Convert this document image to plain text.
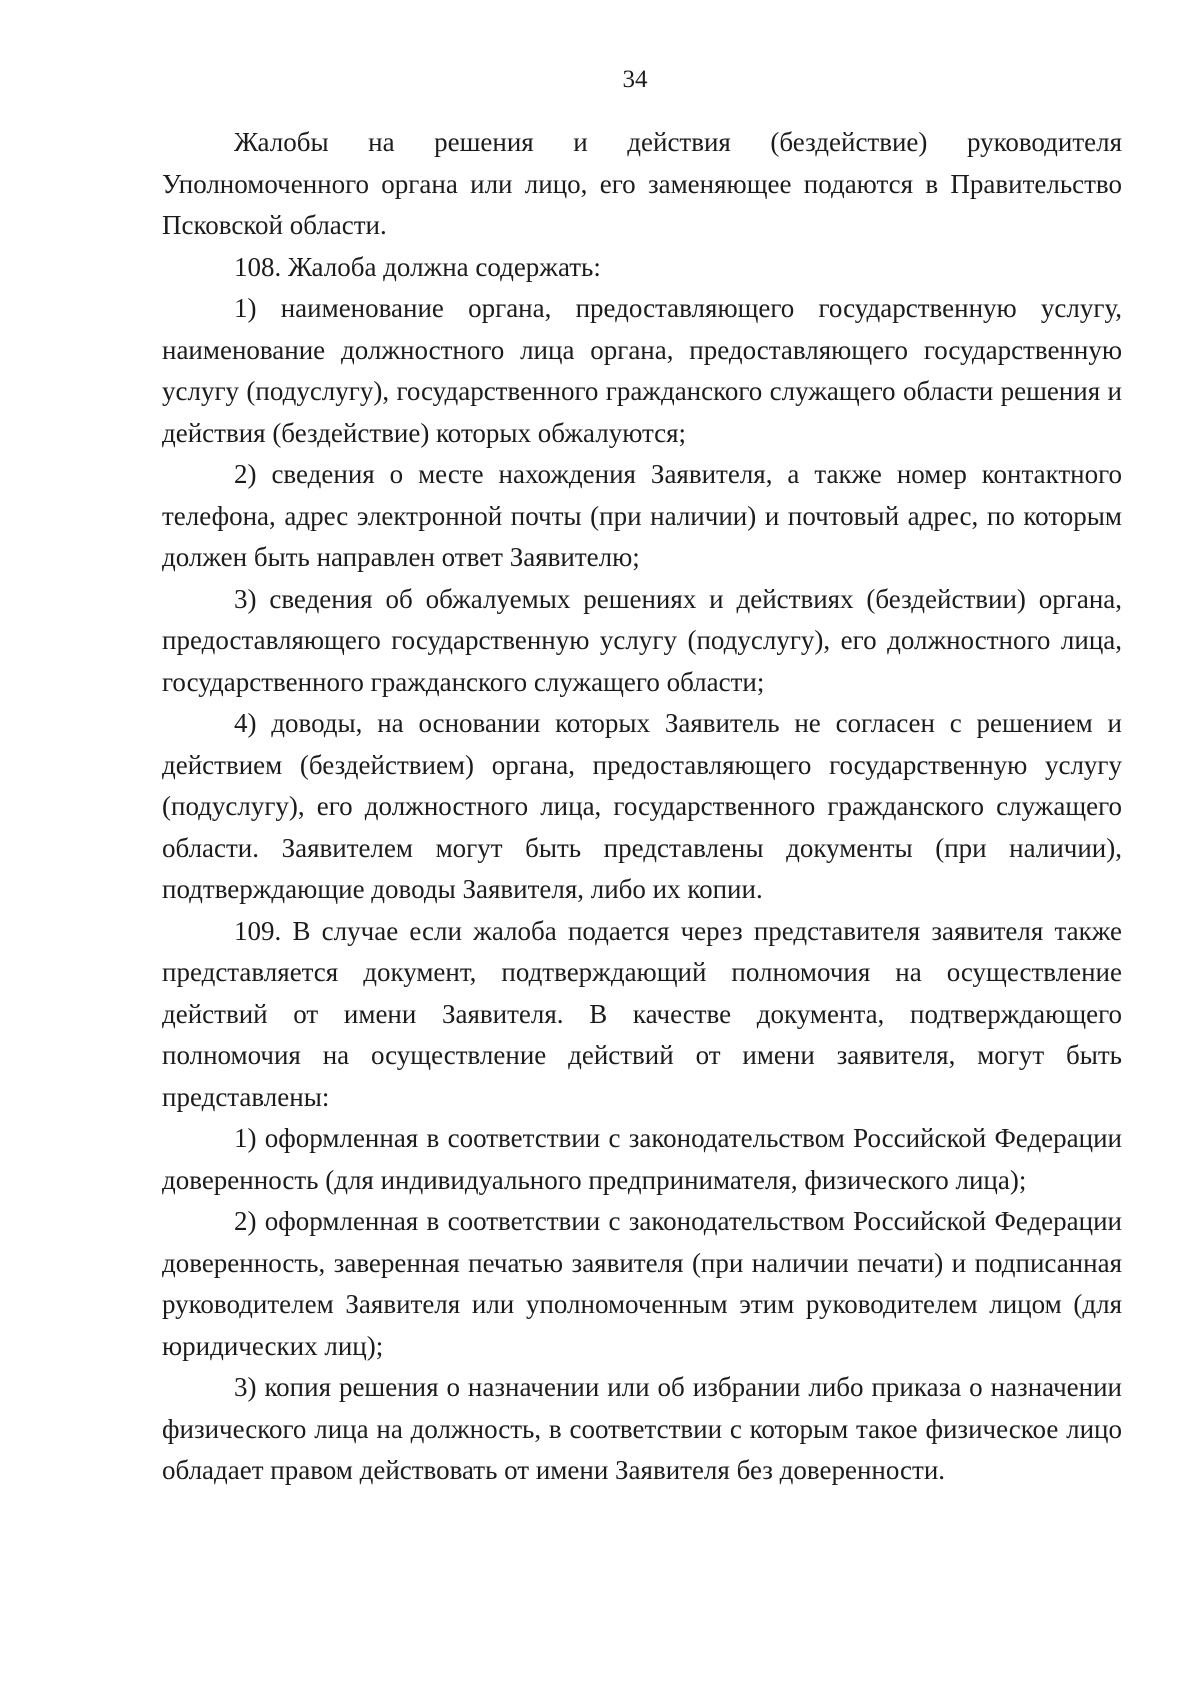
34

Жалобы на решения и действия (бездействие) руководителя Уполномоченного органа или лицо, его заменяющее подаются в Правительство Псковской области.

108. Жалоба должна содержать:

1) наименование органа, предоставляющего государственную услугу, наименование должностного лица органа, предоставляющего государственную услугу (подуслугу), государственного гражданского служащего области решения и действия (бездействие) которых обжалуются;

2) сведения о месте нахождения Заявителя, а также номер контактного телефона, адрес электронной почты (при наличии) и почтовый адрес, по которым должен быть направлен ответ Заявителю;

3) сведения об обжалуемых решениях и действиях (бездействии) органа, предоставляющего государственную услугу (подуслугу), его должностного лица, государственного гражданского служащего области;

4) доводы, на основании которых Заявитель не согласен с решением и действием (бездействием) органа, предоставляющего государственную услугу (подуслугу), его должностного лица, государственного гражданского служащего области. Заявителем могут быть представлены документы (при наличии), подтверждающие доводы Заявителя, либо их копии.

109. В случае если жалоба подается через представителя заявителя также представляется документ, подтверждающий полномочия на осуществление действий от имени Заявителя. В качестве документа, подтверждающего полномочия на осуществление действий от имени заявителя, могут быть представлены:

1) оформленная в соответствии с законодательством Российской Федерации доверенность (для индивидуального предпринимателя, физического лица);

2) оформленная в соответствии с законодательством Российской Федерации доверенность, заверенная печатью заявителя (при наличии печати) и подписанная руководителем Заявителя или уполномоченным этим руководителем лицом (для юридических лиц);

3) копия решения о назначении или об избрании либо приказа о назначении физического лица на должность, в соответствии с которым такое физическое лицо обладает правом действовать от имени Заявителя без доверенности.
